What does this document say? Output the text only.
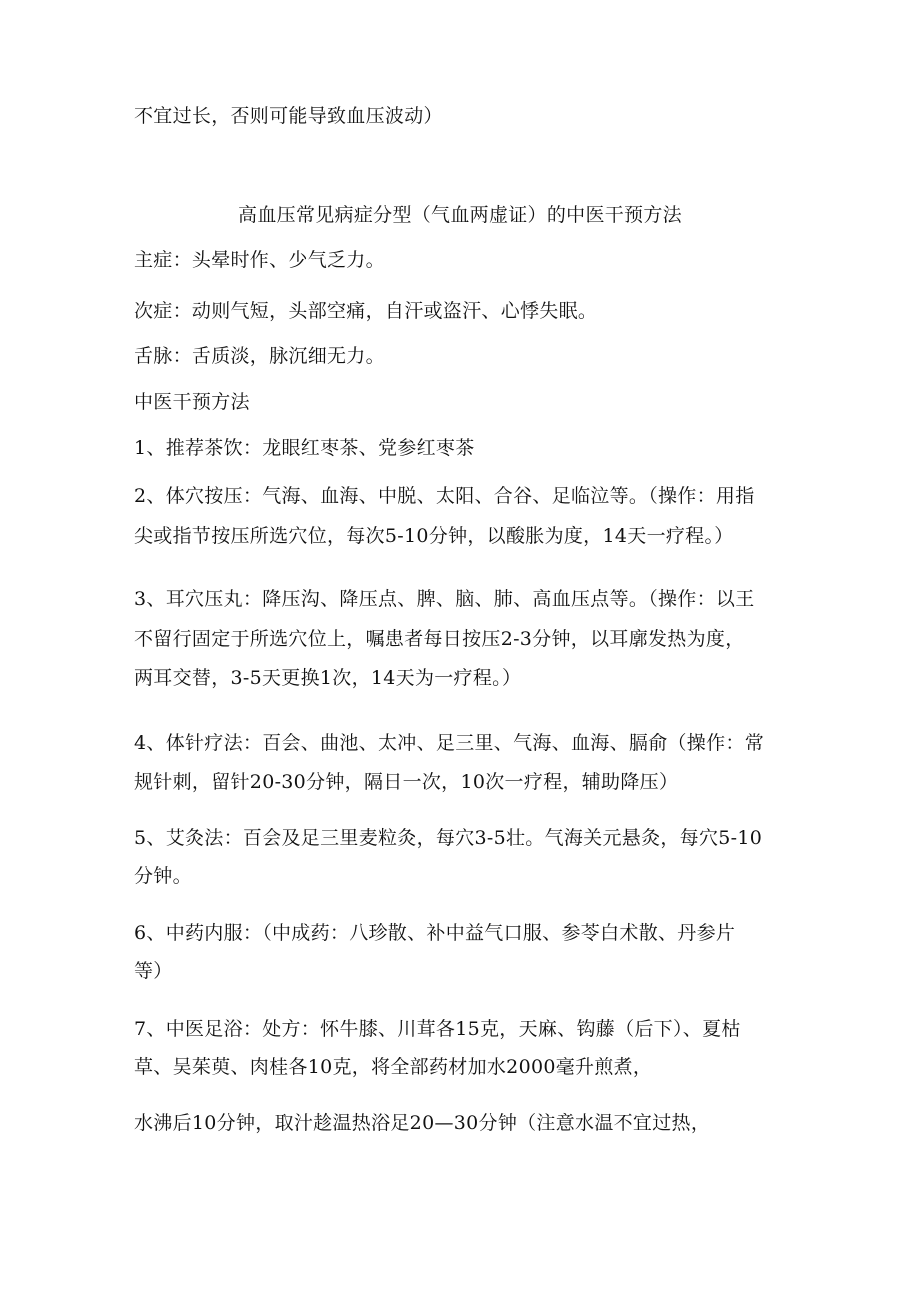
不宜过长，否则可能导致血压波动）
高血压常见病症分型（气血两虚证）的中医干预方法
主症：头晕时作、少气乏力。
次症：动则气短，头部空痛，自汗或盗汗、心悸失眠。
舌脉：舌质淡，脉沉细无力。
中医干预方法
1、推荐茶饮：龙眼红枣茶、党参红枣茶
2、体穴按压：气海、血海、中脱、太阳、合谷、足临泣等。（操作：用指
尖或指节按压所选穴位，每次5-10分钟，以酸胀为度，14天一疗程。）
3、耳穴压丸：降压沟、降压点、脾、脑、肺、高血压点等。（操作：以王
不留行固定于所选穴位上，嘱患者每日按压2-3分钟，以耳廓发热为度，
两耳交替，3-5天更换1次，14天为一疗程。）
4、体针疗法：百会、曲池、太冲、足三里、气海、血海、膈俞（操作：常
规针刺，留针20-30分钟，隔日一次，10次一疗程，辅助降压）
5、艾灸法：百会及足三里麦粒灸，每穴3-5壮。气海关元悬灸，每穴5-10
分钟。
6、中药内服：（中成药：八珍散、补中益气口服、参苓白术散、丹参片
等）
7、中医足浴：处方：怀牛膝、川茸各15克，天麻、钩藤（后下）、夏枯
草、吴茱萸、肉桂各10克，将全部药材加水2000毫升煎煮，
水沸后10分钟，取汁趁温热浴足20—30分钟（注意水温不宜过热，
